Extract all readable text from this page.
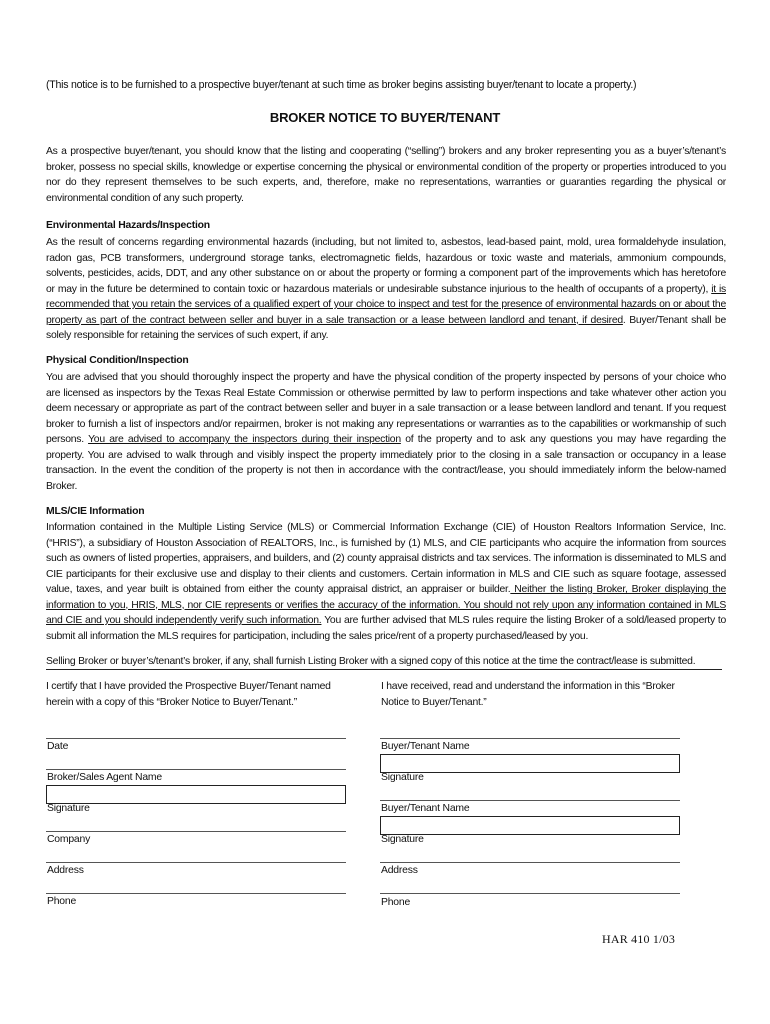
(This notice is to be furnished to a prospective buyer/tenant at such time as broker begins assisting buyer/tenant to locate a property.)
BROKER NOTICE TO BUYER/TENANT

As a prospective buyer/tenant, you should know that the listing and cooperating (“selling”) brokers and any broker representing you as a buyer’s/tenant’s broker, possess no special skills, knowledge or expertise concerning the physical or environmental condition of the property or properties introduced to you nor do they represent themselves to be such experts, and, therefore, make no representations, warranties or guaranties regarding the physical or environmental condition of any such property.

Environmental Hazards/Inspection

As the result of concerns regarding environmental hazards (including, but not limited to, asbestos, lead-based paint, mold, urea formaldehyde insulation, radon gas, PCB transformers, underground storage tanks, electromagnetic fields, hazardous or toxic waste and materials, ammonium compounds, solvents, pesticides, acids, DDT, and any other substance on or about the property or forming a component part of the improvements which has heretofore or may in the future be determined to contain toxic or hazardous materials or undesirable substance injurious to the health of occupants of a property), it is recommended that you retain the services of a qualified expert of your choice to inspect and test for the presence of environmental hazards on or about the property as part of the contract between seller and buyer in a sale transaction or a lease between landlord and tenant, if desired. Buyer/Tenant shall be solely responsible for retaining the services of such expert, if any.

Physical Condition/Inspection

You are advised that you should thoroughly inspect the property and have the physical condition of the property inspected by persons of your choice who are licensed as inspectors by the Texas Real Estate Commission or otherwise permitted by law to perform inspections and take whatever other action you deem necessary or appropriate as part of the contract between seller and buyer in a sale transaction or a lease between landlord and tenant. If you request broker to furnish a list of inspectors and/or repairmen, broker is not making any representations or warranties as to the capabilities or workmanship of such persons. You are advised to accompany the inspectors during their inspection of the property and to ask any questions you may have regarding the property. You are advised to walk through and visibly inspect the property immediately prior to the closing in a sale transaction or occupancy in a lease transaction. In the event the condition of the property is not then in accordance with the contract/lease, you should immediately inform the below-named Broker.

MLS/CIE Information

Information contained in the Multiple Listing Service (MLS) or Commercial Information Exchange (CIE) of Houston Realtors Information Service, Inc. (“HRIS”), a subsidiary of Houston Association of REALTORS, Inc., is furnished by (1) MLS, and CIE participants who acquire the information from sources such as owners of listed properties, appraisers, and builders, and (2) county appraisal districts and tax services. The information is disseminated to MLS and CIE participants for their exclusive use and display to their clients and customers. Certain information in MLS and CIE such as square footage, assessed value, taxes, and year built is obtained from either the county appraisal district, an appraiser or builder. Neither the listing Broker, Broker displaying the information to you, HRIS, MLS, nor CIE represents or verifies the accuracy of the information. You should not rely upon any information contained in MLS and CIE and you should independently verify such information. You are further advised that MLS rules require the listing Broker of a sold/leased property to submit all information the MLS requires for participation, including the sales price/rent of a property purchased/leased by you.

Selling Broker or buyer’s/tenant’s broker, if any, shall furnish Listing Broker with a signed copy of this notice at the time the contract/lease is submitted.

I certify that I have provided the Prospective Buyer/Tenant named herein with a copy of this “Broker Notice to Buyer/Tenant.”

I have received, read and understand the information in this “Broker Notice to Buyer/Tenant.”

Date
Broker/Sales Agent Name
Signature
Company
Address
Phone
Buyer/Tenant Name
Signature
Buyer/Tenant Name
Signature
Address
Phone
HAR 410 1/03
